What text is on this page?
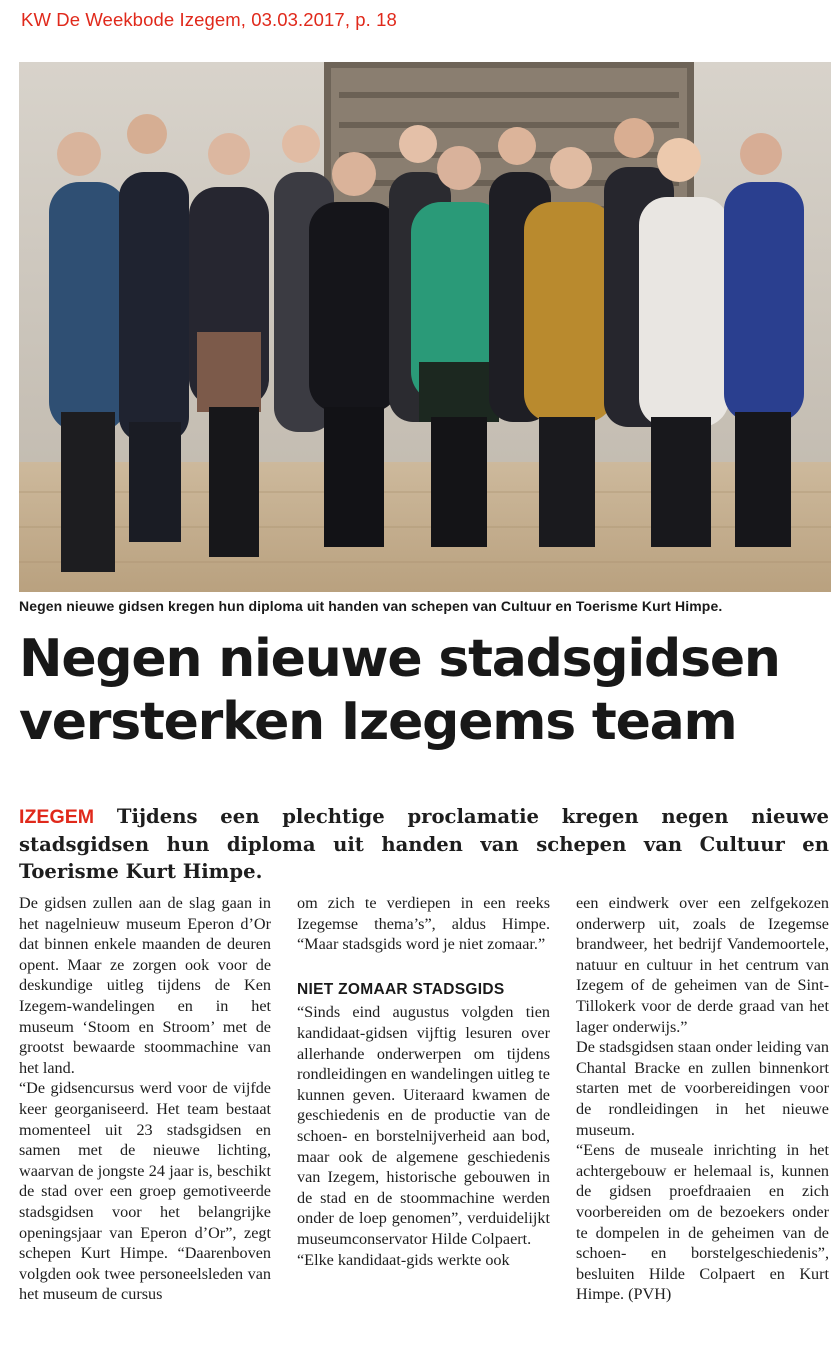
KW De Weekbode Izegem, 03.03.2017, p. 18
Negen nieuwe gidsen kregen hun diploma uit handen van schepen van Cultuur en Toerisme Kurt Himpe.
Negen nieuwe stadsgidsen
versterken Izegems team
IZEGEM Tijdens een plechtige proclamatie kregen negen nieuwe stadsgidsen hun diploma uit handen van schepen van Cultuur en Toerisme Kurt Himpe.

De gidsen zullen aan de slag gaan in het nagelnieuw museum Eperon d’Or dat binnen enkele maanden de deuren opent. Maar ze zorgen ook voor de deskundige uitleg tijdens de Ken Izegem-wandelingen en in het museum ‘Stoom en Stroom’ met de grootst bewaarde stoommachine van het land.

“De gidsencursus werd voor de vijfde keer georganiseerd. Het team bestaat momenteel uit 23 stadsgidsen en samen met de nieuwe lichting, waarvan de jongste 24 jaar is, beschikt de stad over een groep gemotiveerde stadsgidsen voor het belangrijke openingsjaar van Eperon d’Or”, zegt schepen Kurt Himpe. “Daarenboven volgden ook twee personeelsleden van het museum de cursus

om zich te verdiepen in een reeks Izegemse thema’s”, aldus Himpe. “Maar stadsgids word je niet zomaar.”

NIET ZOMAAR STADSGIDS

“Sinds eind augustus volgden tien kandidaat-gidsen vijftig lesuren over allerhande onderwerpen om tijdens rondleidingen en wandelingen uitleg te kunnen geven. Uiteraard kwamen de geschiedenis en de productie van de schoen- en borstelnijverheid aan bod, maar ook de algemene geschiedenis van Izegem, historische gebouwen in de stad en de stoommachine werden onder de loep genomen”, verduidelijkt museumconservator Hilde Colpaert.

“Elke kandidaat-gids werkte ook

een eindwerk over een zelfgekozen onderwerp uit, zoals de Izegemse brandweer, het bedrijf Vandemoortele, natuur en cultuur in het centrum van Izegem of de geheimen van de Sint-Tillokerk voor de derde graad van het lager onderwijs.”

De stadsgidsen staan onder leiding van Chantal Bracke en zullen binnenkort starten met de voorbereidingen voor de rondleidingen in het nieuwe museum.

“Eens de museale inrichting in het achtergebouw er helemaal is, kunnen de gidsen proefdraaien en zich voorbereiden om de bezoekers onder te dompelen in de geheimen van de schoen- en borstelgeschiedenis”, besluiten Hilde Colpaert en Kurt Himpe. (PVH)
